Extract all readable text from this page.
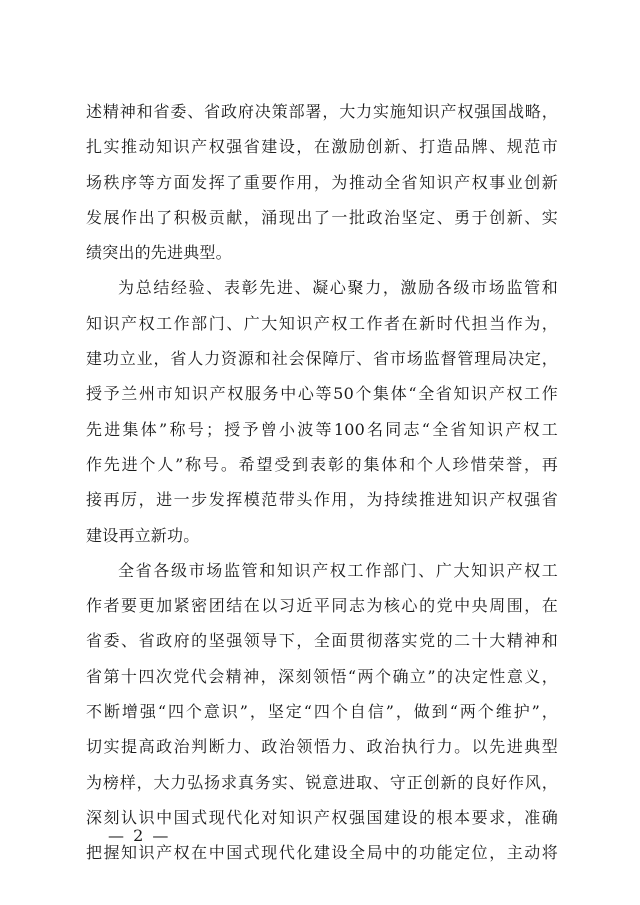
述精神和省委、省政府决策部署，大力实施知识产权强国战略，
扎实推动知识产权强省建设，在激励创新、打造品牌、规范市
场秩序等方面发挥了重要作用，为推动全省知识产权事业创新
发展作出了积极贡献，涌现出了一批政治坚定、勇于创新、实
绩突出的先进典型。
为总结经验、表彰先进、凝心聚力，激励各级市场监管和
知识产权工作部门、广大知识产权工作者在新时代担当作为，
建功立业，省人力资源和社会保障厅、省市场监督管理局决定，
授予兰州市知识产权服务中心等50个集体“全省知识产权工作
先进集体”称号；授予曾小波等100名同志“全省知识产权工
作先进个人”称号。希望受到表彰的集体和个人珍惜荣誉，再
接再厉，进一步发挥模范带头作用，为持续推进知识产权强省
建设再立新功。
全省各级市场监管和知识产权工作部门、广大知识产权工
作者要更加紧密团结在以习近平同志为核心的党中央周围，在
省委、省政府的坚强领导下，全面贯彻落实党的二十大精神和
省第十四次党代会精神，深刻领悟“两个确立”的决定性意义，
不断增强“四个意识”，坚定“四个自信”，做到“两个维护”，
切实提高政治判断力、政治领悟力、政治执行力。以先进典型
为榜样，大力弘扬求真务实、锐意进取、守正创新的良好作风，
深刻认识中国式现代化对知识产权强国建设的根本要求，准确
把握知识产权在中国式现代化建设全局中的功能定位，主动将
— 2 —
